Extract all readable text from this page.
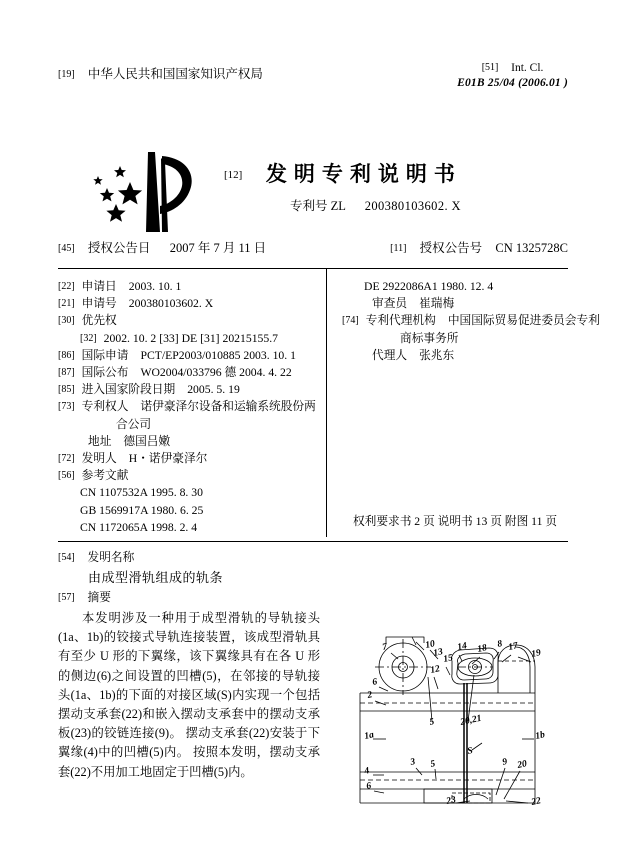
[19] 中华人民共和国国家知识产权局	[51] Int. Cl.
E01B 25/04 (2006.01 )
[12] 发明专利说明书
专利号 ZL 200380103602. X
[45] 授权公告日 2007 年 7 月 11 日	[11] 授权公告号 CN 1325728C
[22] 申请日 2003. 10. 1
[21] 申请号 200380103602. X
[30] 优先权
[32] 2002. 10. 2 [33] DE [31] 20215155.7
[86] 国际申请 PCT/EP2003/010885 2003. 10. 1
[87] 国际公布 WO2004/033796 德 2004. 4. 22
[85] 进入国家阶段日期 2005. 5. 19
[73] 专利权人 诺伊豪泽尔设备和运输系统股份两
合公司
地址 德国吕嫩
[72] 发明人 H・诺伊豪泽尔
[56] 参考文献
CN 1107532A 1995. 8. 30
GB 1569917A 1980. 6. 25
CN 1172065A 1998. 2. 4
DE 2922086A1 1980. 12. 4
审查员 崔瑞梅
[74] 专利代理机构 中国国际贸易促进委员会专利
商标事务所
代理人 张兆东
权利要求书 2 页 说明书 13 页 附图 11 页
[54] 发明名称
由成型滑轨组成的轨条
[57] 摘要
本发明涉及一种用于成型滑轨的导轨接头(1a、1b)的铰接式导轨连接装置，该成型滑轨具有至少 U 形的下翼缘，该下翼缘具有在各 U 形的侧边(6)之间设置的凹槽(5)，在邻接的导轨接头(1a、1b)的下面的对接区域(S)内实现一个包括摆动支承套(22)和嵌入摆动支承套中的摆动支承板(23)的铰链连接(9)。 摆动支承套(22)安装于下翼缘(4)中的凹槽(5)内。 按照本发明，摆动支承套(22)不用加工地固定于凹槽(5)内。
7	10
13
14 18 8 17
19
15
12
6
2
5	20,21
1a	1b
S
3 5	9 20
4
6
23	22
